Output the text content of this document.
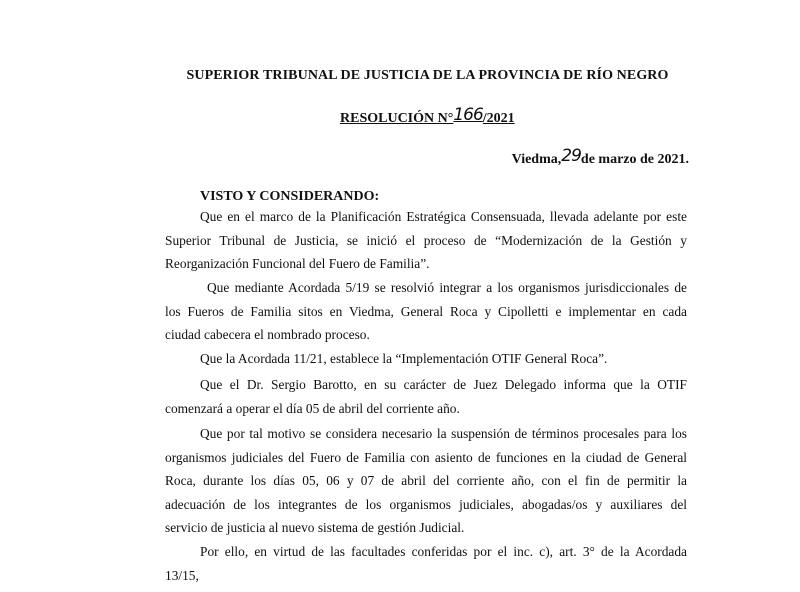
SUPERIOR TRIBUNAL DE JUSTICIA DE LA PROVINCIA DE RÍO NEGRO
RESOLUCIÓN N°166/2021
Viedma,29de marzo de 2021.
VISTO Y CONSIDERANDO:
Que en el marco de la Planificación Estratégica Consensuada, llevada adelante por este
Superior Tribunal de Justicia, se inició el proceso de “Modernización de la Gestión y
Reorganización Funcional del Fuero de Familia”.
Que mediante Acordada 5/19 se resolvió integrar a los organismos jurisdiccionales de
los Fueros de Familia sitos en Viedma, General Roca y Cipolletti e implementar en cada
ciudad cabecera el nombrado proceso.
Que la Acordada 11/21, establece la “Implementación OTIF General Roca”.
Que el Dr. Sergio Barotto, en su carácter de Juez Delegado informa que la OTIF
comenzará a operar el día 05 de abril del corriente año.
Que por tal motivo se considera necesario la suspensión de términos procesales para los
organismos judiciales del Fuero de Familia con asiento de funciones en la ciudad de General
Roca, durante los días 05, 06 y 07 de abril del corriente año, con el fin de permitir la
adecuación de los integrantes de los organismos judiciales, abogadas/os y auxiliares del
servicio de justicia al nuevo sistema de gestión Judicial.
Por ello, en virtud de las facultades conferidas por el inc. c), art. 3° de la Acordada
13/15,
